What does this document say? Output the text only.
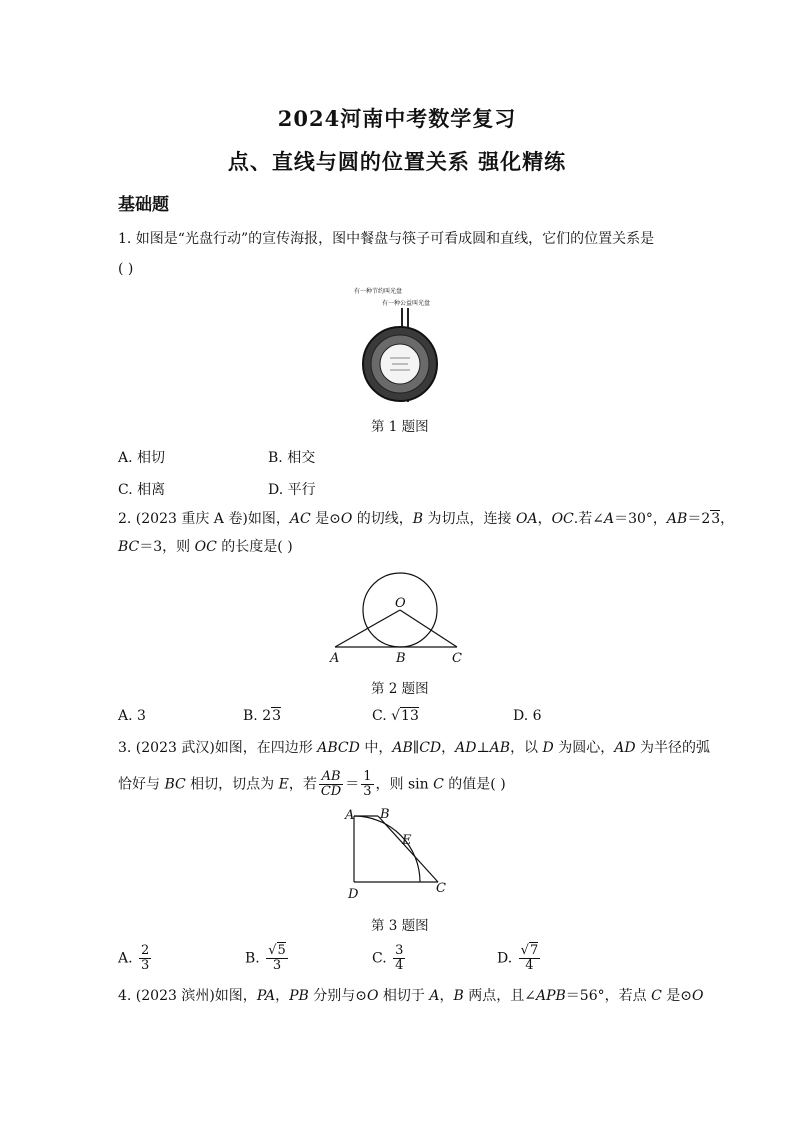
2024河南中考数学复习
点、直线与圆的位置关系 强化精练
基础题
1. 如图是“光盘行动”的宣传海报，图中餐盘与筷子可看成圆和直线，它们的位置关系是
( )
有一种节约叫光盘
有一种公益叫光盘
第 1 题图
A. 相切	B. 相交
C. 相离	D. 平行
2. (2023 重庆 A 卷)如图，AC 是⊙O 的切线，B 为切点，连接 OA，OC.若∠A＝30°，AB＝23，
BC＝3，则 OC 的长度是( )
O
A	B	C
第 2 题图
A. 3	B. 23	C. √13	D. 6
3. (2023 武汉)如图，在四边形 ABCD 中，AB∥CD，AD⊥AB，以 D 为圆心，AD 为半径的弧
恰好与 BC 相切，切点为 E，若 $\frac{AB}{CD} = \frac{1}{3}$ ，则 sin C 的值是( )
A B
E
D	C
第 3 题图
A. $\frac{2}{3}$	B. $\frac{√5}{3}$	C. $\frac{3}{4}$	D. $\frac{√7}{4}$
4. (2023 滨州)如图，PA，PB 分别与⊙O 相切于 A，B 两点，且∠APB＝56°，若点 C 是⊙O
